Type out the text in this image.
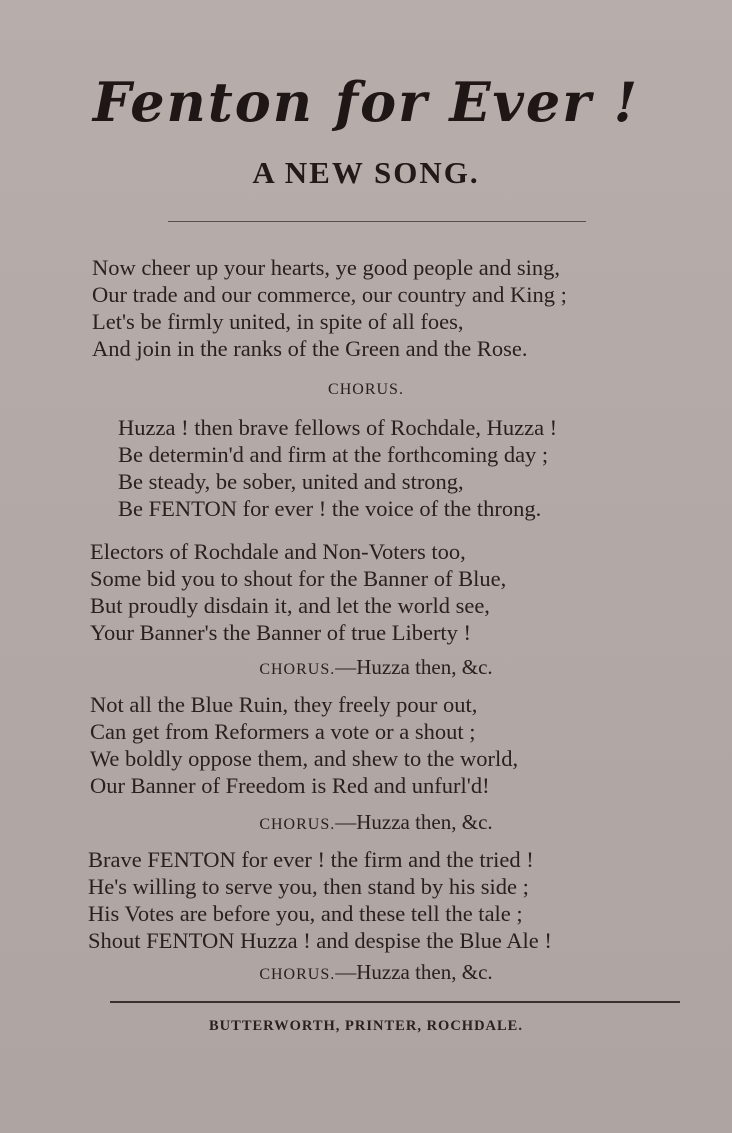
Fenton for Ever !
A NEW SONG.
Now cheer up your hearts, ye good people and sing,
Our trade and our commerce, our country and King ;
Let's be firmly united, in spite of all foes,
And join in the ranks of the Green and the Rose.
CHORUS.
Huzza ! then brave fellows of Rochdale, Huzza !
Be determin'd and firm at the forthcoming day ;
Be steady, be sober, united and strong,
Be FENTON for ever ! the voice of the throng.
Electors of Rochdale and Non-Voters too,
Some bid you to shout for the Banner of Blue,
But proudly disdain it, and let the world see,
Your Banner's the Banner of true Liberty !
CHORUS.—Huzza then, &c.
Not all the Blue Ruin, they freely pour out,
Can get from Reformers a vote or a shout ;
We boldly oppose them, and shew to the world,
Our Banner of Freedom is Red and unfurl'd!
CHORUS.—Huzza then, &c.
Brave FENTON for ever ! the firm and the tried !
He's willing to serve you, then stand by his side ;
His Votes are before you, and these tell the tale ;
Shout FENTON Huzza ! and despise the Blue Ale !
CHORUS.—Huzza then, &c.
BUTTERWORTH, PRINTER, ROCHDALE.
